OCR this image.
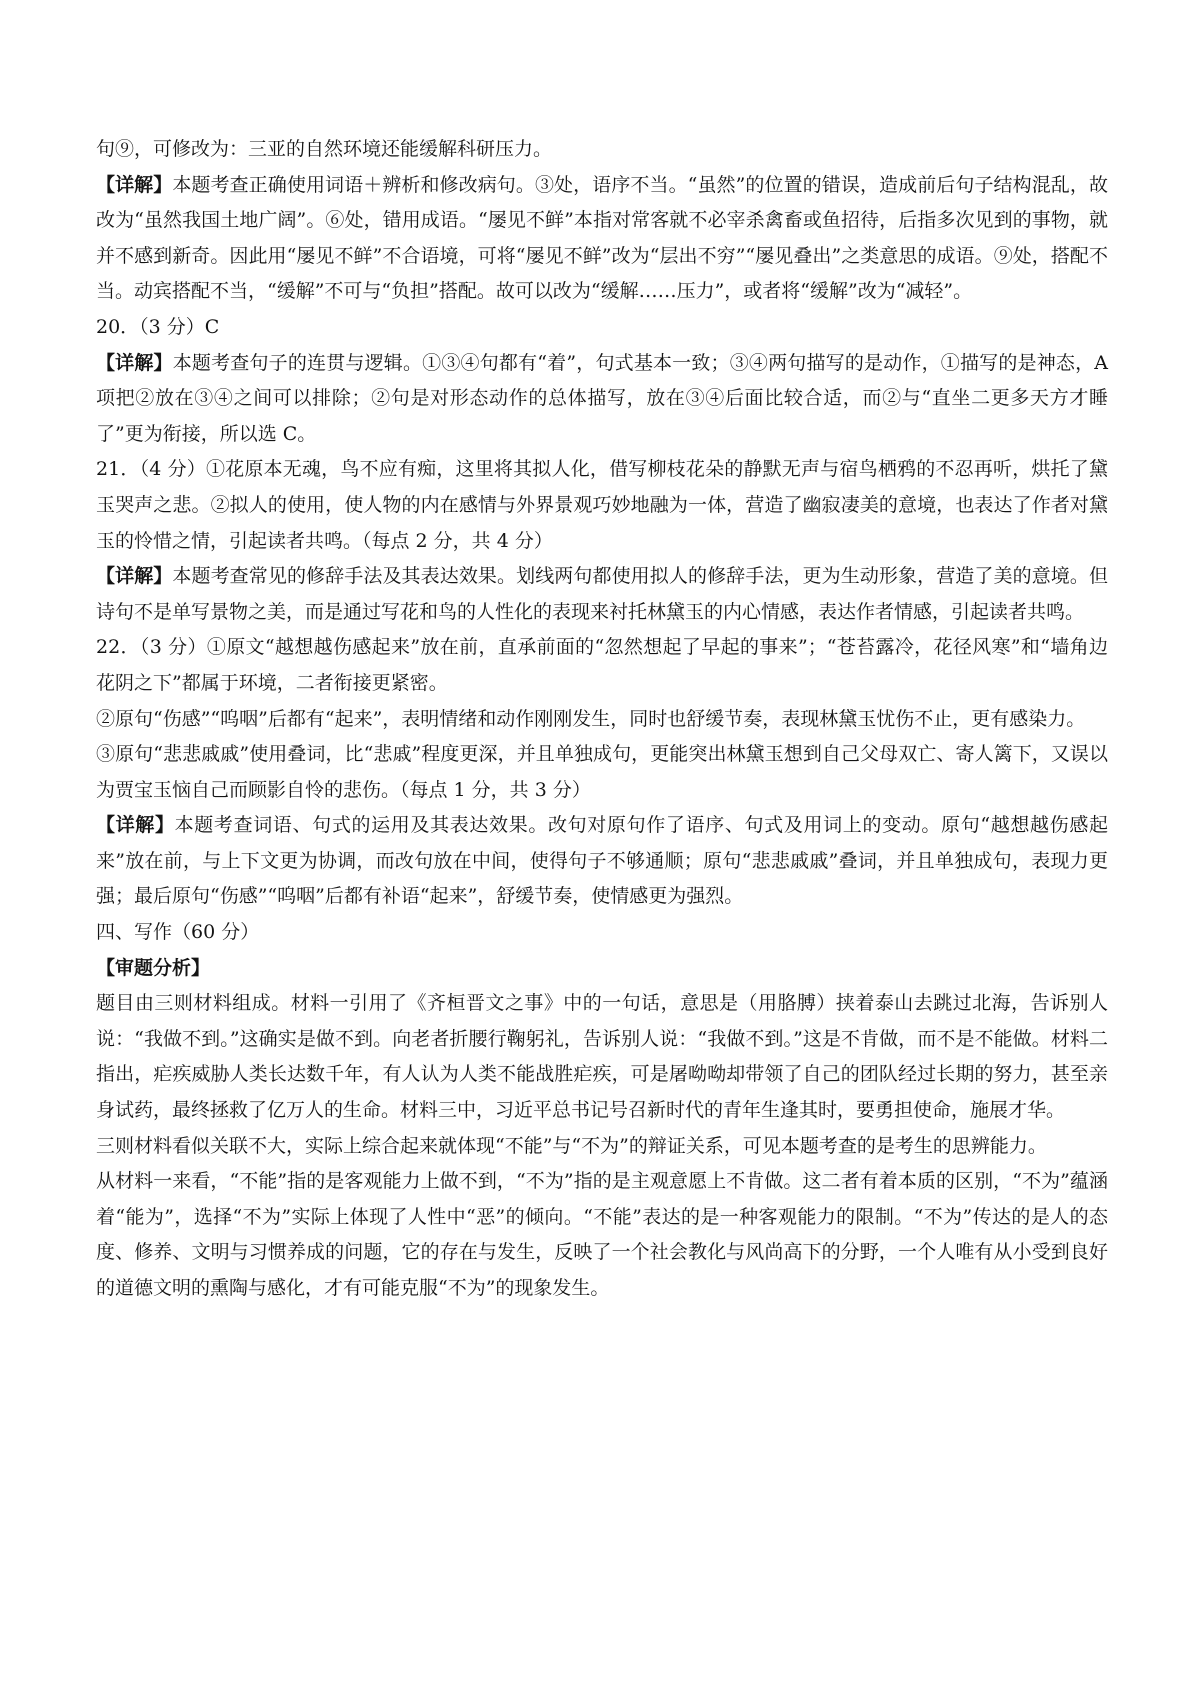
句⑨，可修改为：三亚的自然环境还能缓解科研压力。

【详解】本题考查正确使用词语＋辨析和修改病句。③处，语序不当。“虽然”的位置的错误，造成前后句子结构混乱，故改为“虽然我国土地广阔”。⑥处，错用成语。“屡见不鲜”本指对常客就不必宰杀禽畜或鱼招待，后指多次见到的事物，就并不感到新奇。因此用“屡见不鲜”不合语境，可将“屡见不鲜”改为“层出不穷”“屡见叠出”之类意思的成语。⑨处，搭配不当。动宾搭配不当，“缓解”不可与“负担”搭配。故可以改为“缓解……压力”，或者将“缓解”改为“减轻”。

20．（3 分）C

【详解】本题考查句子的连贯与逻辑。①③④句都有“着”，句式基本一致；③④两句描写的是动作，①描写的是神态，A 项把②放在③④之间可以排除；②句是对形态动作的总体描写，放在③④后面比较合适，而②与“直坐二更多天方才睡了”更为衔接，所以选 C。

21．（4 分）①花原本无魂，鸟不应有痴，这里将其拟人化，借写柳枝花朵的静默无声与宿鸟栖鸦的不忍再听，烘托了黛玉哭声之悲。②拟人的使用，使人物的内在感情与外界景观巧妙地融为一体，营造了幽寂凄美的意境，也表达了作者对黛玉的怜惜之情，引起读者共鸣。（每点 2 分，共 4 分）

【详解】本题考查常见的修辞手法及其表达效果。划线两句都使用拟人的修辞手法，更为生动形象，营造了美的意境。但诗句不是单写景物之美，而是通过写花和鸟的人性化的表现来衬托林黛玉的内心情感，表达作者情感，引起读者共鸣。

22．（3 分）①原文“越想越伤感起来”放在前，直承前面的“忽然想起了早起的事来”；“苍苔露冷，花径风寒”和“墙角边花阴之下”都属于环境，二者衔接更紧密。

②原句“伤感”“呜咽”后都有“起来”，表明情绪和动作刚刚发生，同时也舒缓节奏，表现林黛玉忧伤不止，更有感染力。

③原句“悲悲戚戚”使用叠词，比“悲戚”程度更深，并且单独成句，更能突出林黛玉想到自己父母双亡、寄人篱下，又误以为贾宝玉恼自己而顾影自怜的悲伤。（每点 1 分，共 3 分）

【详解】本题考查词语、句式的运用及其表达效果。改句对原句作了语序、句式及用词上的变动。原句“越想越伤感起来”放在前，与上下文更为协调，而改句放在中间，使得句子不够通顺；原句“悲悲戚戚”叠词，并且单独成句，表现力更强；最后原句“伤感”“呜咽”后都有补语“起来”，舒缓节奏，使情感更为强烈。

四、写作（60 分）

【审题分析】

题目由三则材料组成。材料一引用了《齐桓晋文之事》中的一句话，意思是（用胳膊）挟着泰山去跳过北海，告诉别人说：“我做不到。”这确实是做不到。向老者折腰行鞠躬礼，告诉别人说：“我做不到。”这是不肯做，而不是不能做。材料二指出，疟疾威胁人类长达数千年，有人认为人类不能战胜疟疾，可是屠呦呦却带领了自己的团队经过长期的努力，甚至亲身试药，最终拯救了亿万人的生命。材料三中，习近平总书记号召新时代的青年生逢其时，要勇担使命，施展才华。

三则材料看似关联不大，实际上综合起来就体现“不能”与“不为”的辩证关系，可见本题考查的是考生的思辨能力。

从材料一来看，“不能”指的是客观能力上做不到，“不为”指的是主观意愿上不肯做。这二者有着本质的区别，“不为”蕴涵着“能为”，选择“不为”实际上体现了人性中“恶”的倾向。“不能”表达的是一种客观能力的限制。“不为”传达的是人的态度、修养、文明与习惯养成的问题，它的存在与发生，反映了一个社会教化与风尚高下的分野，一个人唯有从小受到良好的道德文明的熏陶与感化，才有可能克服“不为”的现象发生。
